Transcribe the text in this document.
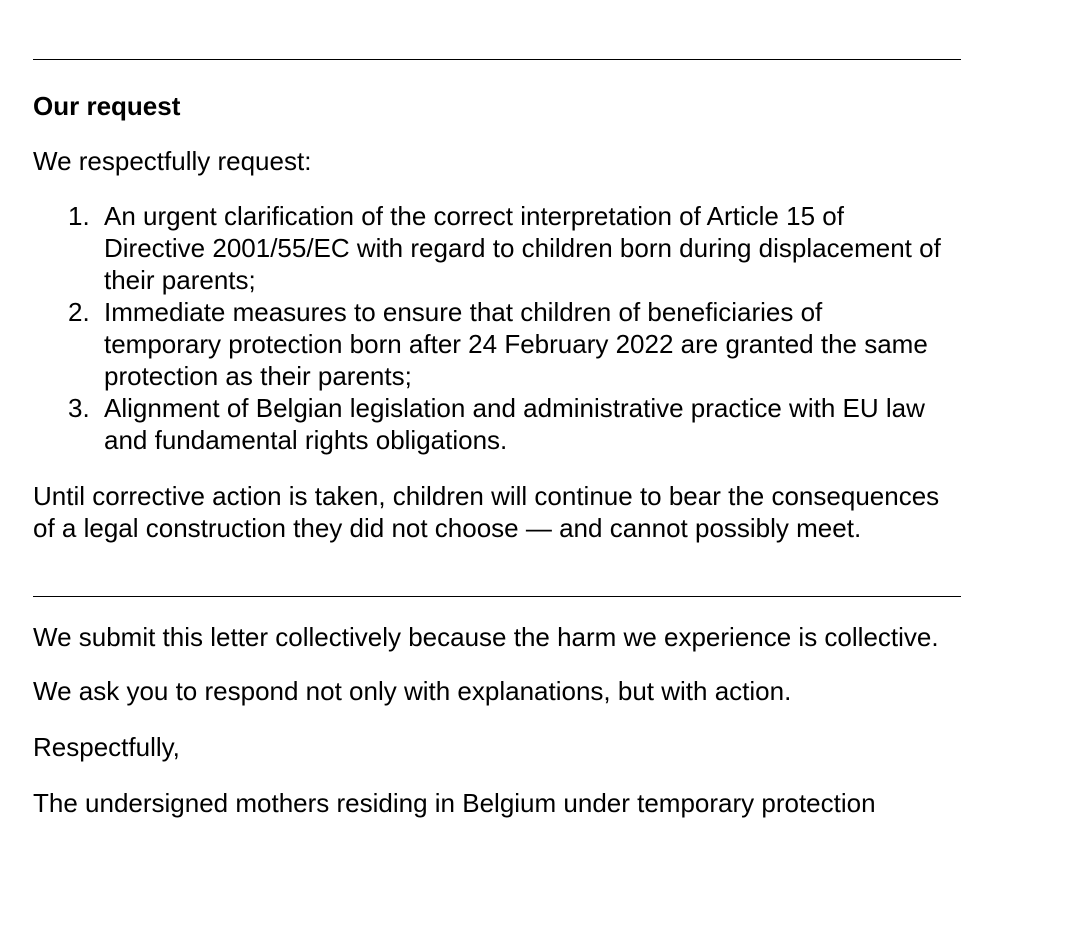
Our request

We respectfully request:

1. An urgent clarification of the correct interpretation of Article 15 of Directive 2001/55/EC with regard to children born during displacement of their parents;
2. Immediate measures to ensure that children of beneficiaries of temporary protection born after 24 February 2022 are granted the same protection as their parents;
3. Alignment of Belgian legislation and administrative practice with EU law and fundamental rights obligations.

Until corrective action is taken, children will continue to bear the consequences of a legal construction they did not choose — and cannot possibly meet.

We submit this letter collectively because the harm we experience is collective.

We ask you to respond not only with explanations, but with action.

Respectfully,

The undersigned mothers residing in Belgium under temporary protection
